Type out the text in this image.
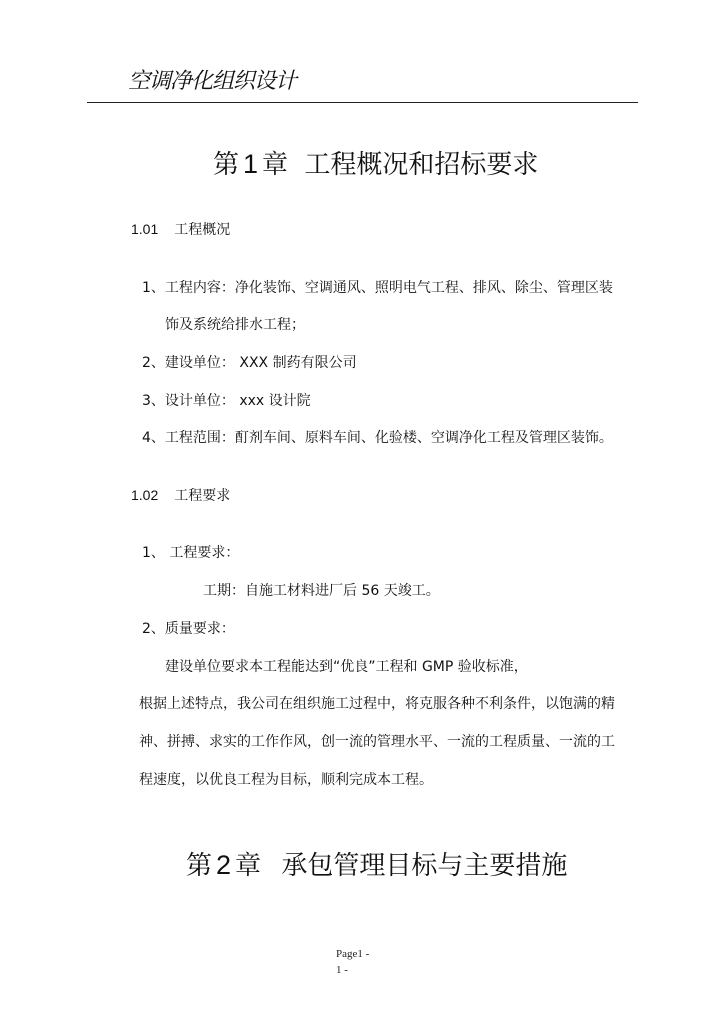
空调净化组织设计
第 1 章 工程概况和招标要求
1.01 工程概况
1、工程内容：净化装饰、空调通风、照明电气工程、排风、除尘、管理区装
饰及系统给排水工程；
2、建设单位： XXX 制药有限公司
3、设计单位： xxx 设计院
4、工程范围：酊剂车间、原料车间、化验楼、空调净化工程及管理区装饰。
1.02 工程要求
1、 工程要求：
工期：自施工材料进厂后 56 天竣工。
2、质量要求：
建设单位要求本工程能达到“优良”工程和 GMP 验收标准，
根据上述特点，我公司在组织施工过程中，将克服各种不利条件，以饱满的精
神、拼搏、求实的工作作风，创一流的管理水平、一流的工程质量、一流的工
程速度，以优良工程为目标，顺利完成本工程。
第 2 章 承包管理目标与主要措施
Page1 -
1 -
